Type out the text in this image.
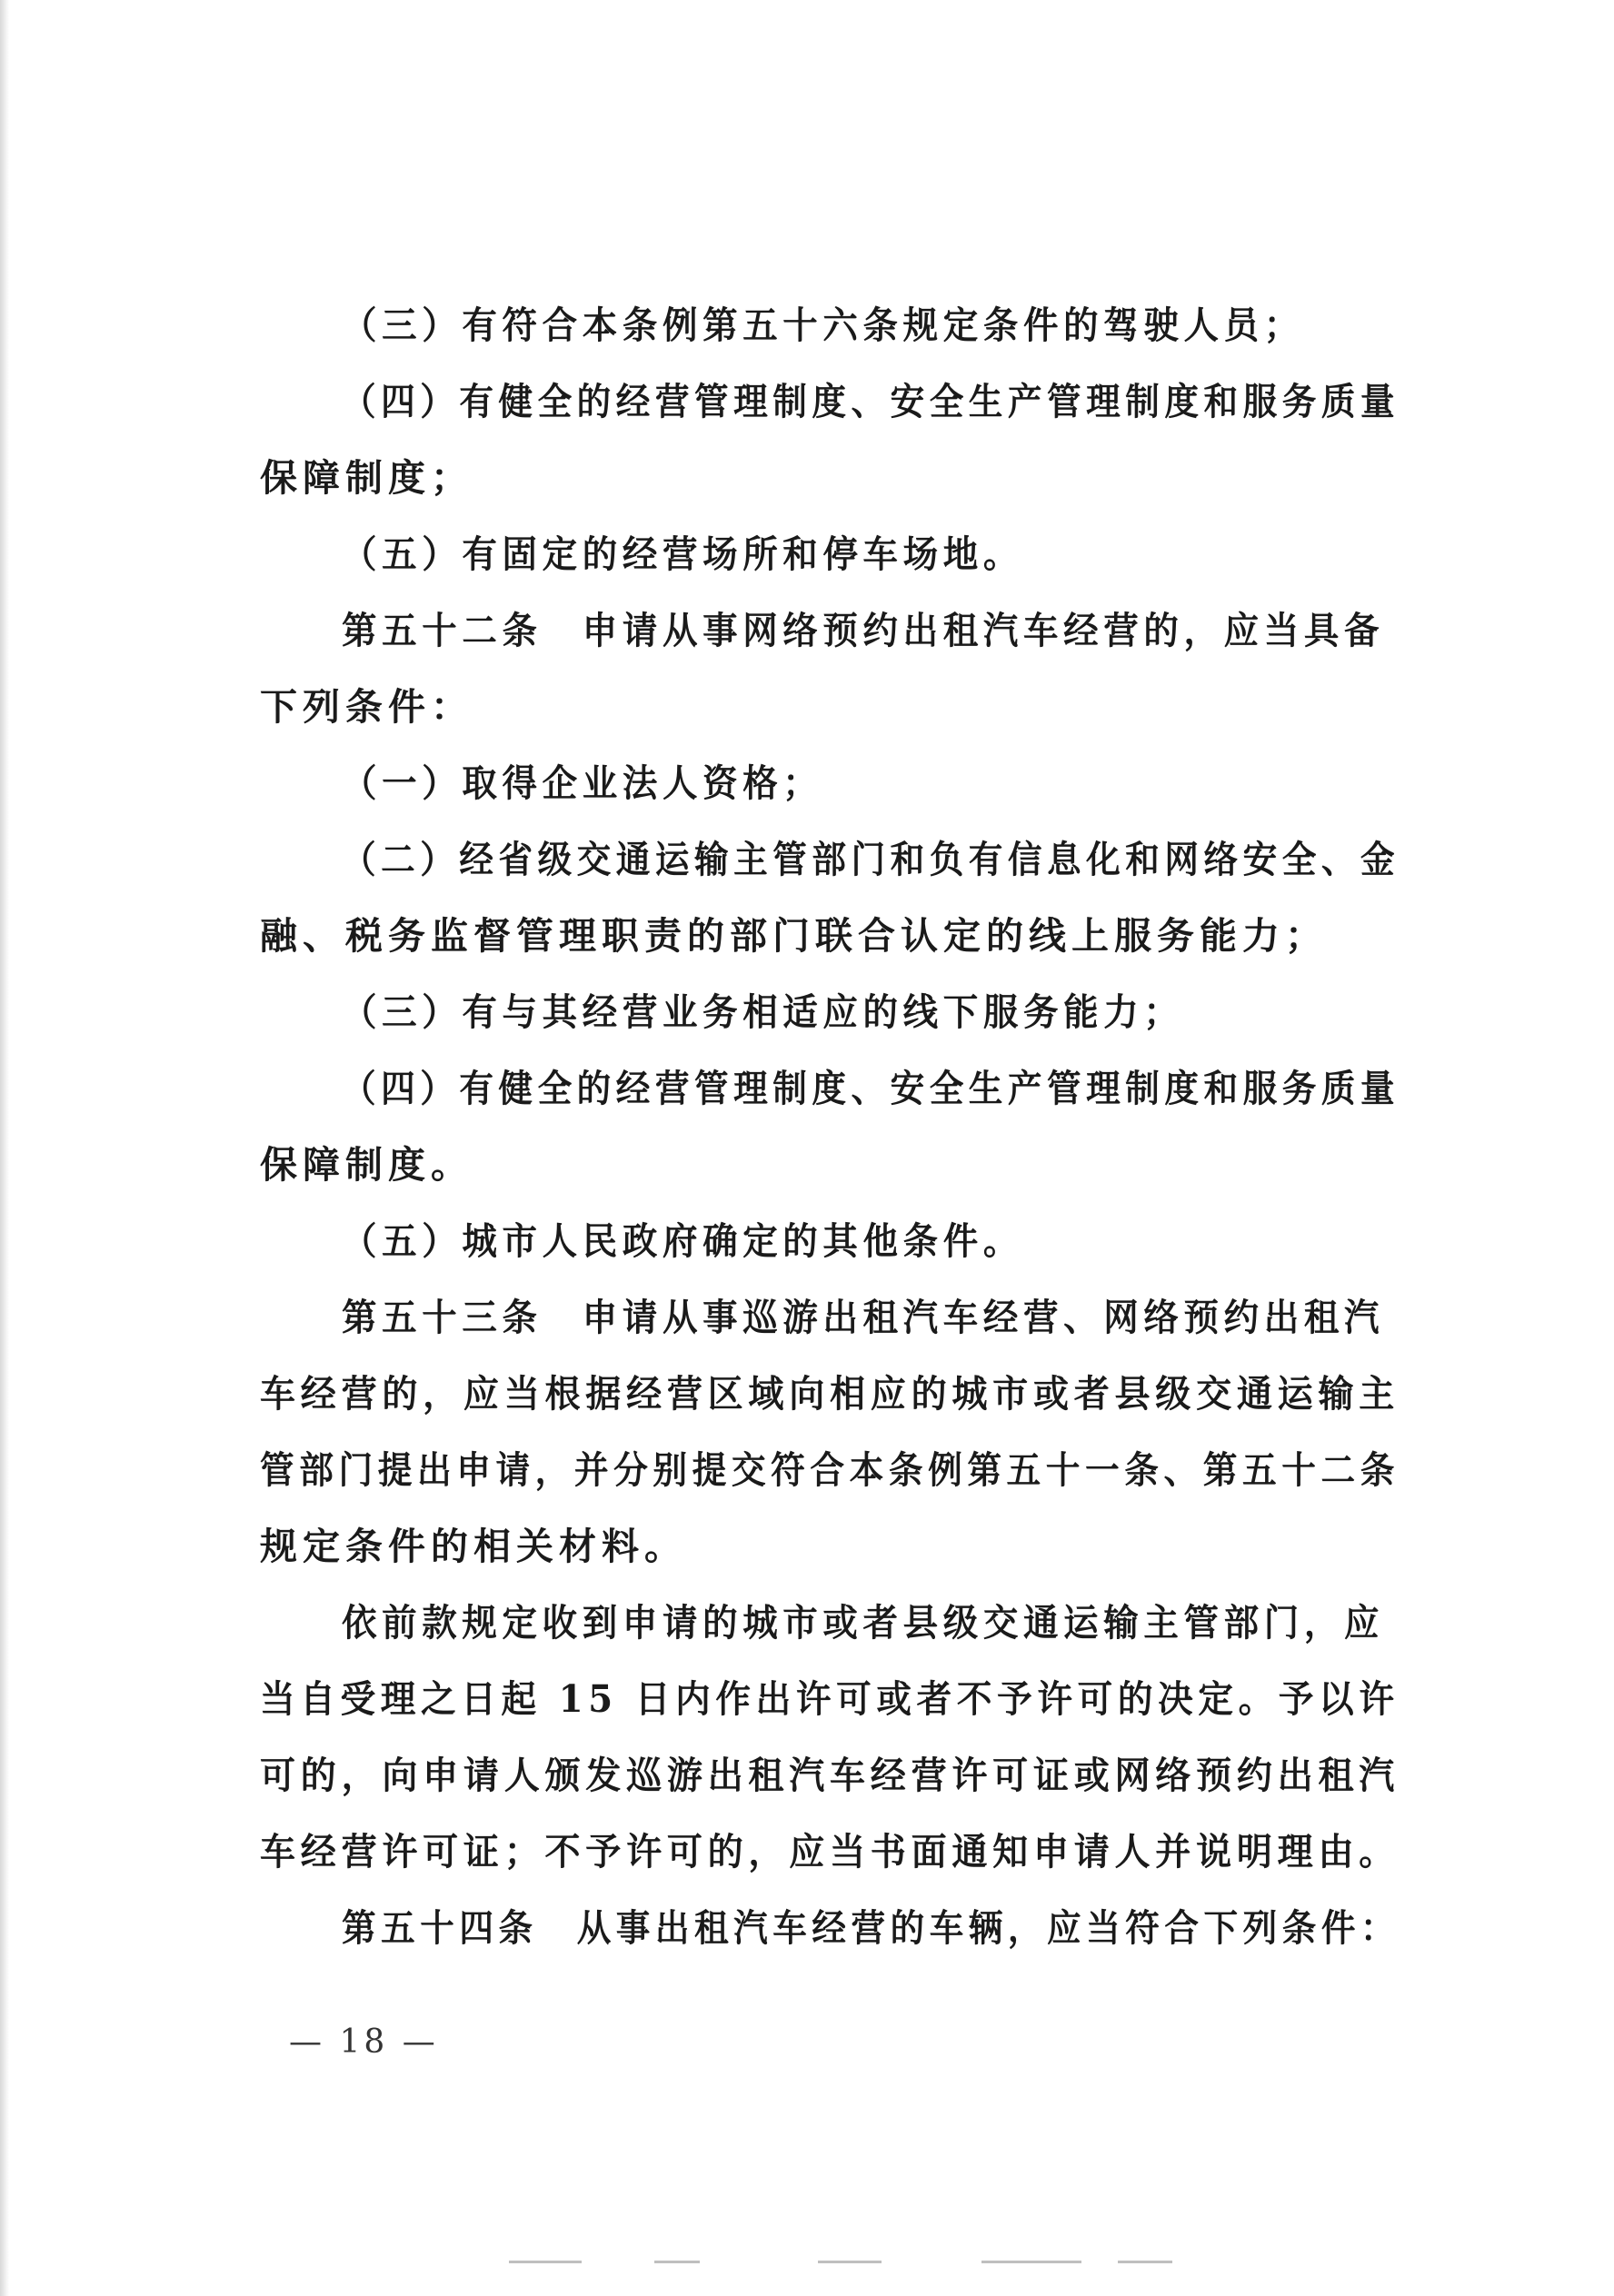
（三）有符合本条例第五十六条规定条件的驾驶人员；
（四）有健全的经营管理制度、安全生产管理制度和服务质量
保障制度；
（五）有固定的经营场所和停车场地。
第五十二条　申请从事网络预约出租汽车经营的，应当具备
下列条件：
（一）取得企业法人资格；
（二）经省级交通运输主管部门和负有信息化和网络安全、金
融、税务监督管理职责的部门联合认定的线上服务能力；
（三）有与其经营业务相适应的线下服务能力；
（四）有健全的经营管理制度、安全生产管理制度和服务质量
保障制度。
（五）城市人民政府确定的其他条件。
第五十三条　申请从事巡游出租汽车经营、网络预约出租汽
车经营的，应当根据经营区域向相应的城市或者县级交通运输主
管部门提出申请，并分别提交符合本条例第五十一条、第五十二条
规定条件的相关材料。
依前款规定收到申请的城市或者县级交通运输主管部门，应
当自受理之日起 15 日内作出许可或者不予许可的决定。予以许
可的，向申请人颁发巡游出租汽车经营许可证或网络预约出租汽
车经营许可证；不予许可的，应当书面通知申请人并说明理由。
第五十四条　从事出租汽车经营的车辆，应当符合下列条件：
— 18 —
